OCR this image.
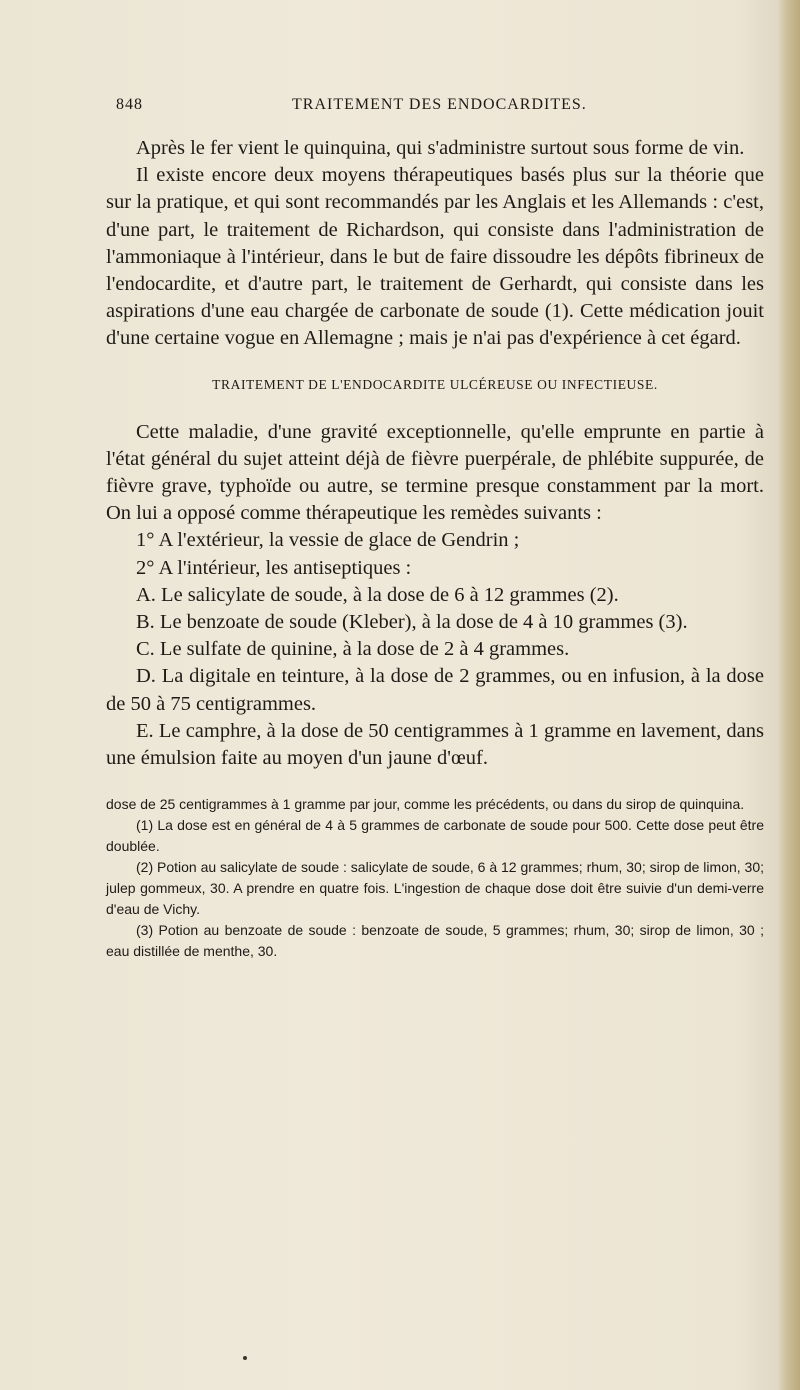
848	TRAITEMENT DES ENDOCARDITES.

Après le fer vient le quinquina, qui s'administre surtout sous forme de vin.

Il existe encore deux moyens thérapeutiques basés plus sur la théorie que sur la pratique, et qui sont recommandés par les Anglais et les Allemands : c'est, d'une part, le traitement de Richardson, qui consiste dans l'administration de l'ammoniaque à l'intérieur, dans le but de faire dissoudre les dépôts fibrineux de l'endocardite, et d'autre part, le traitement de Gerhardt, qui consiste dans les aspirations d'une eau chargée de carbonate de soude (1). Cette médication jouit d'une certaine vogue en Allemagne ; mais je n'ai pas d'expérience à cet égard.

TRAITEMENT DE L'ENDOCARDITE ULCÉREUSE OU INFECTIEUSE.

Cette maladie, d'une gravité exceptionnelle, qu'elle emprunte en partie à l'état général du sujet atteint déjà de fièvre puerpérale, de phlébite suppurée, de fièvre grave, typhoïde ou autre, se termine presque constamment par la mort. On lui a opposé comme thérapeutique les remèdes suivants :

1° A l'extérieur, la vessie de glace de Gendrin ;

2° A l'intérieur, les antiseptiques :

A. Le salicylate de soude, à la dose de 6 à 12 grammes (2).

B. Le benzoate de soude (Kleber), à la dose de 4 à 10 grammes (3).

C. Le sulfate de quinine, à la dose de 2 à 4 grammes.

D. La digitale en teinture, à la dose de 2 grammes, ou en infusion, à la dose de 50 à 75 centigrammes.

E. Le camphre, à la dose de 50 centigrammes à 1 gramme en lavement, dans une émulsion faite au moyen d'un jaune d'œuf.

dose de 25 centigrammes à 1 gramme par jour, comme les précédents, ou dans du sirop de quinquina.

(1) La dose est en général de 4 à 5 grammes de carbonate de soude pour 500. Cette dose peut être doublée.

(2) Potion au salicylate de soude : salicylate de soude, 6 à 12 grammes; rhum, 30; sirop de limon, 30; julep gommeux, 30. A prendre en quatre fois. L'ingestion de chaque dose doit être suivie d'un demi-verre d'eau de Vichy.

(3) Potion au benzoate de soude : benzoate de soude, 5 grammes; rhum, 30; sirop de limon, 30 ; eau distillée de menthe, 30.
